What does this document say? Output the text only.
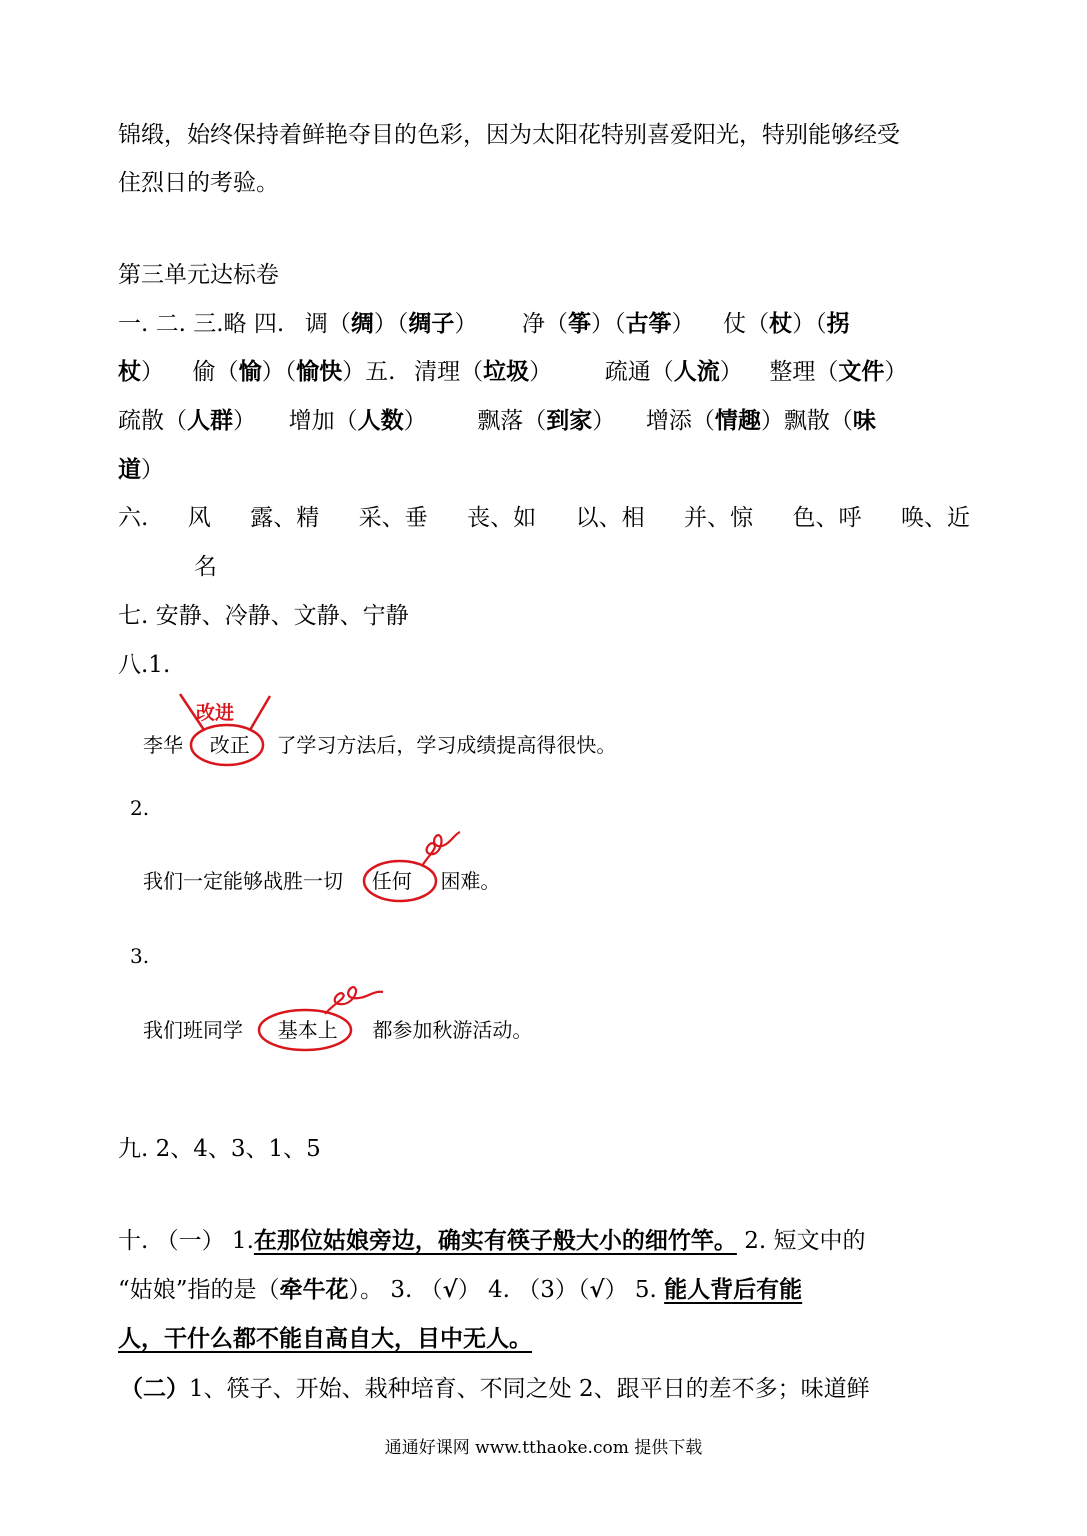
锦缎，始终保持着鲜艳夺目的色彩，因为太阳花特别喜爱阳光，特别能够经受
住烈日的考验。
第三单元达标卷
一. 二. 三.略 四. 调（绸）（绸子）  净（筝）（古筝）  仗（杖）（拐
杖）  偷（愉）（愉快）五. 清理（垃圾）  疏通（人流）  整理（文件）
疏散（人群）  增加（人数）  飘落（到家）  增添（情趣）飘散（味
道）
六. 风 露、精 采、垂 丧、如 以、相 并、惊 色、呼 唤、近
名
七. 安静、冷静、文静、宁静
八.1.
李华 改正 了学习方法后，学习成绩提高得很快。
改进
2.
我们一定能够战胜一切 任何 困难。
3.
我们班同学 基本上 都参加秋游活动。
九. 2、4、3、1、5
十. （一） 1.在那位姑娘旁边，确实有筷子般大小的细竹竿。 2. 短文中的
“姑娘”指的是（牵牛花）。 3. （√） 4. （3）（√） 5. 能人背后有能
人，干什么都不能自高自大，目中无人。
（二）1、筷子、开始、栽种培育、不同之处 2、跟平日的差不多；味道鲜
通通好课网 www.tthaoke.com 提供下载
